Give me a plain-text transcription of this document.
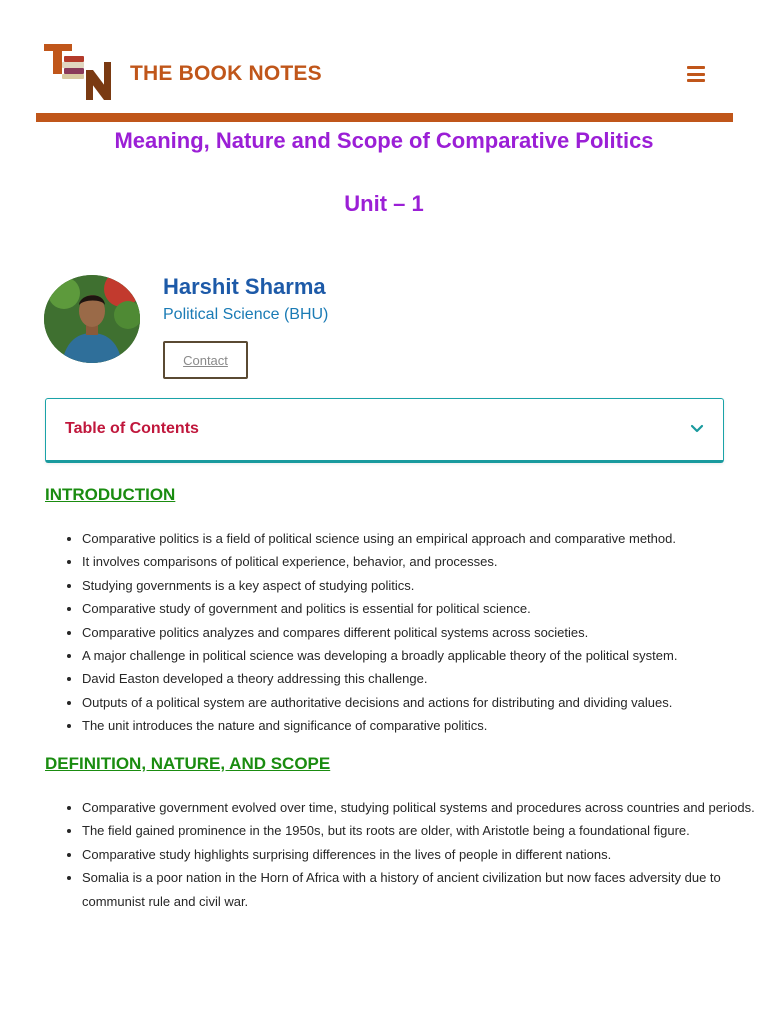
THE BOOK NOTES
Meaning, Nature and Scope of Comparative Politics
Unit – 1
Harshit Sharma
Political Science (BHU)
Contact
Table of Contents
INTRODUCTION
• Comparative politics is a field of political science using an empirical approach and comparative method.
• It involves comparisons of political experience, behavior, and processes.
• Studying governments is a key aspect of studying politics.
• Comparative study of government and politics is essential for political science.
• Comparative politics analyzes and compares different political systems across societies.
• A major challenge in political science was developing a broadly applicable theory of the political system.
• David Easton developed a theory addressing this challenge.
• Outputs of a political system are authoritative decisions and actions for distributing and dividing values.
• The unit introduces the nature and significance of comparative politics.
DEFINITION, NATURE, AND SCOPE
• Comparative government evolved over time, studying political systems and procedures across countries and periods.
• The field gained prominence in the 1950s, but its roots are older, with Aristotle being a foundational figure.
• Comparative study highlights surprising differences in the lives of people in different nations.
• Somalia is a poor nation in the Horn of Africa with a history of ancient civilization but now faces adversity due to communist rule and civil war.
